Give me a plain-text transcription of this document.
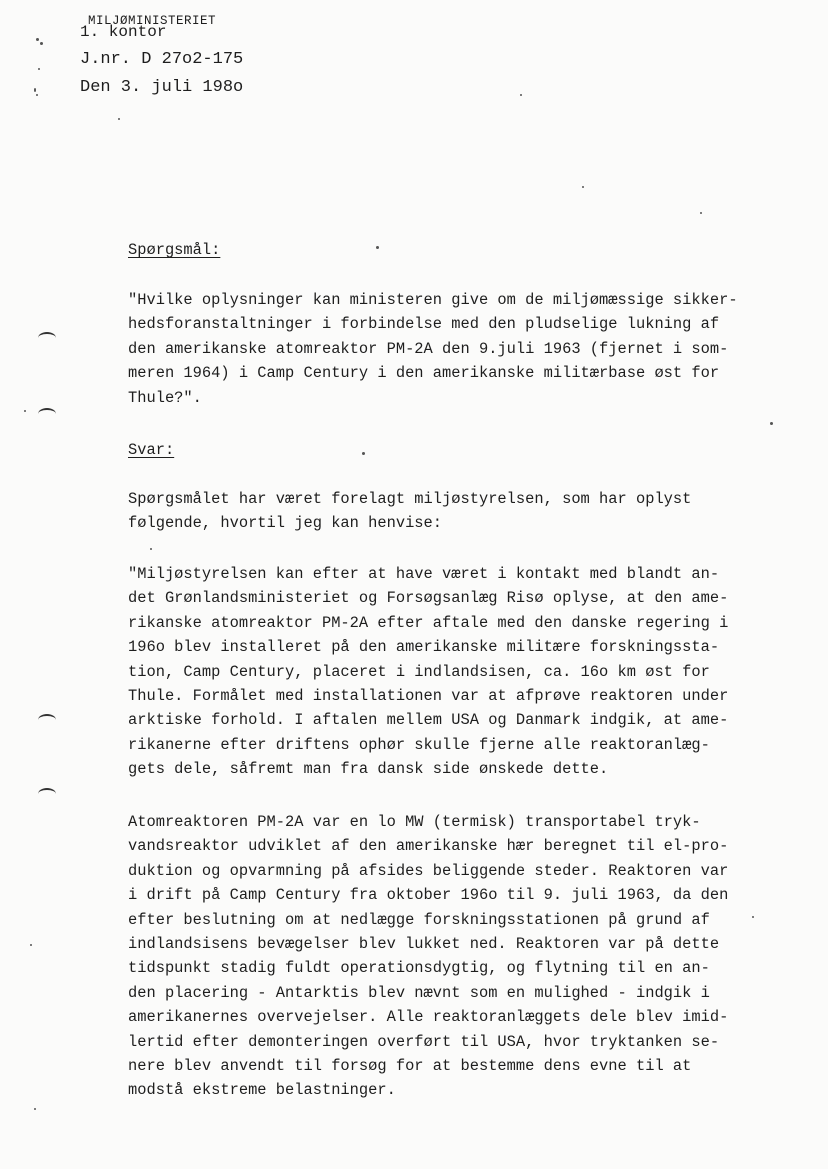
MILJØMINISTERIET
1. kontor
J.nr. D 27o2-175
Den 3. juli 198o
Spørgsmål:
"Hvilke oplysninger kan ministeren give om de miljømæssige sikker-
hedsforanstaltninger i forbindelse med den pludselige lukning af
den amerikanske atomreaktor PM-2A den 9.juli 1963 (fjernet i som-
meren 1964) i Camp Century i den amerikanske militærbase øst for
Thule?".
Svar:
Spørgsmålet har været forelagt miljøstyrelsen, som har oplyst
følgende, hvortil jeg kan henvise:
"Miljøstyrelsen kan efter at have været i kontakt med blandt an-
det Grønlandsministeriet og Forsøgsanlæg Risø oplyse, at den ame-
rikanske atomreaktor PM-2A efter aftale med den danske regering i
196o blev installeret på den amerikanske militære forskningssta-
tion, Camp Century, placeret i indlandsisen, ca. 16o km øst for
Thule. Formålet med installationen var at afprøve reaktoren under
arktiske forhold. I aftalen mellem USA og Danmark indgik, at ame-
rikanerne efter driftens ophør skulle fjerne alle reaktoranlæg-
gets dele, såfremt man fra dansk side ønskede dette.
Atomreaktoren PM-2A var en lo MW (termisk) transportabel tryk-
vandsreaktor udviklet af den amerikanske hær beregnet til el-pro-
duktion og opvarmning på afsides beliggende steder. Reaktoren var
i drift på Camp Century fra oktober 196o til 9. juli 1963, da den
efter beslutning om at nedlægge forskningsstationen på grund af
indlandsisens bevægelser blev lukket ned. Reaktoren var på dette
tidspunkt stadig fuldt operationsdygtig, og flytning til en an-
den placering - Antarktis blev nævnt som en mulighed - indgik i
amerikanernes overvejelser. Alle reaktoranlæggets dele blev imid-
lertid efter demonteringen overført til USA, hvor tryktanken se-
nere blev anvendt til forsøg for at bestemme dens evne til at
modstå ekstreme belastninger.
